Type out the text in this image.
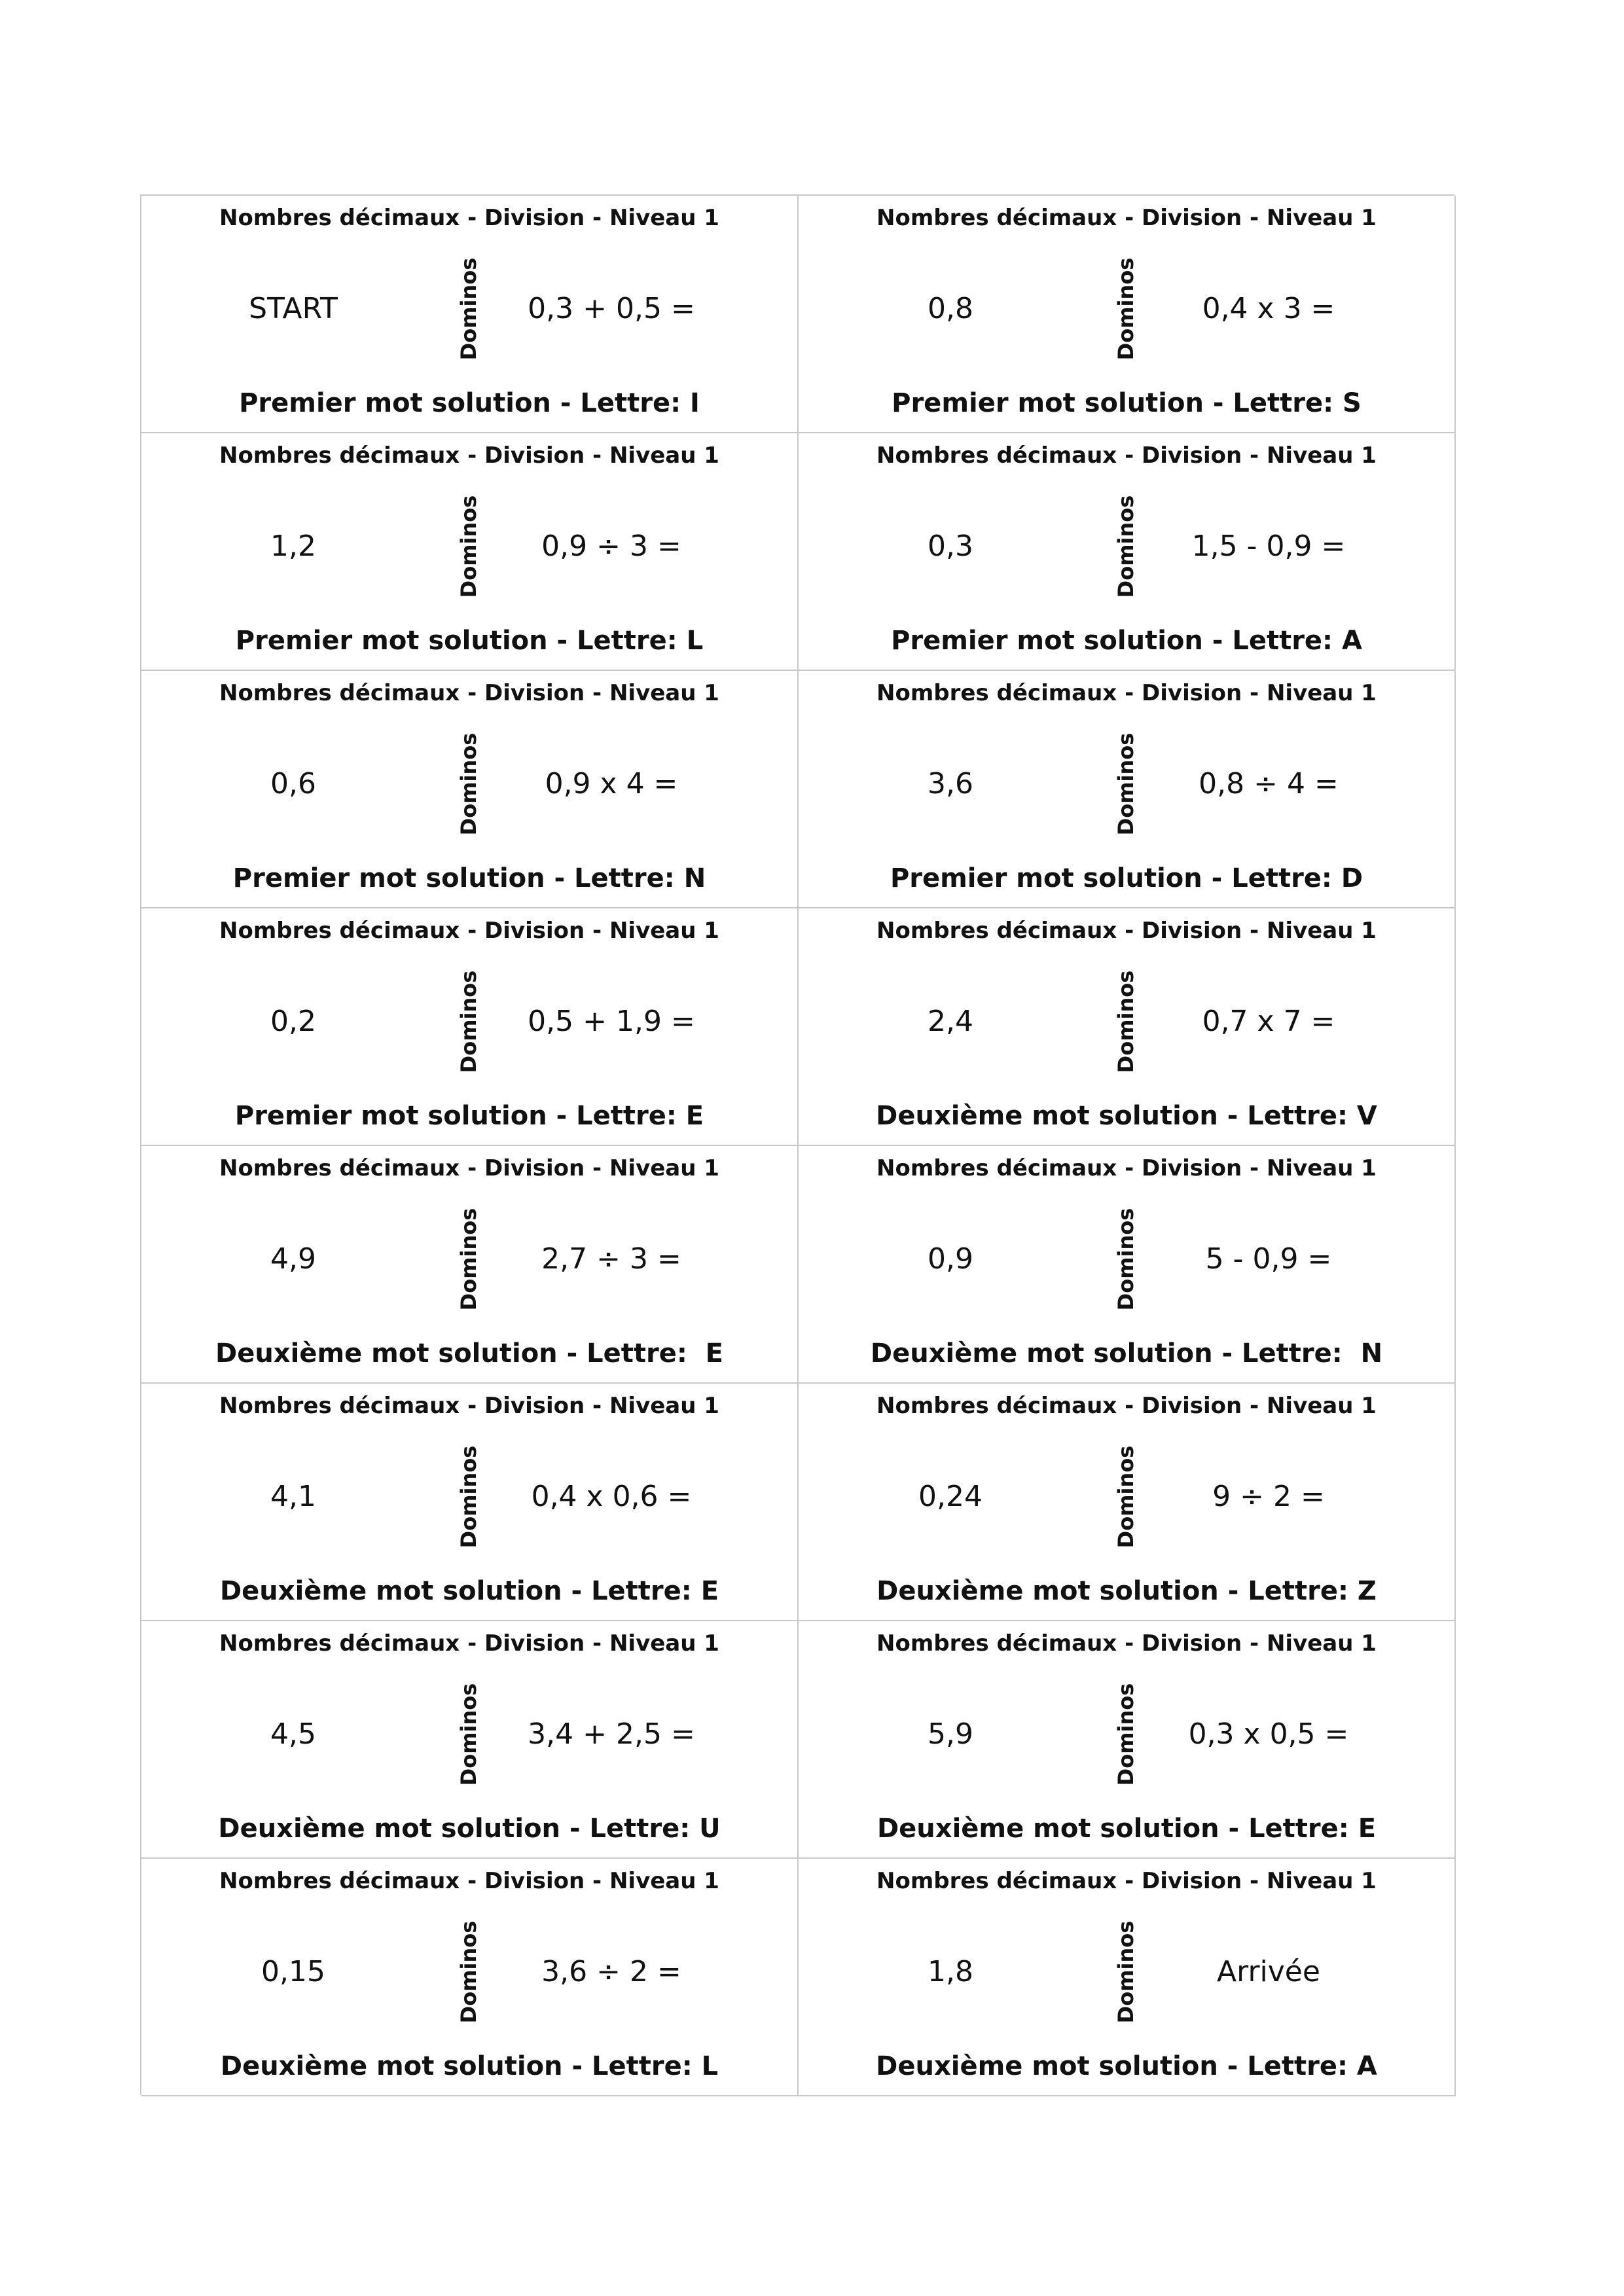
Nombres décimaux - Division - Niveau 1
START	Dominos	0,3 + 0,5 =
Premier mot solution - Lettre: I
Nombres décimaux - Division - Niveau 1
0,8	Dominos	0,4 x 3 =
Premier mot solution - Lettre: S
Nombres décimaux - Division - Niveau 1
1,2	Dominos	0,9 ÷ 3 =
Premier mot solution - Lettre: L
Nombres décimaux - Division - Niveau 1
0,3	Dominos	1,5 - 0,9 =
Premier mot solution - Lettre: A
Nombres décimaux - Division - Niveau 1
0,6	Dominos	0,9 x 4 =
Premier mot solution - Lettre: N
Nombres décimaux - Division - Niveau 1
3,6	Dominos	0,8 ÷ 4 =
Premier mot solution - Lettre: D
Nombres décimaux - Division - Niveau 1
0,2	Dominos	0,5 + 1,9 =
Premier mot solution - Lettre: E
Nombres décimaux - Division - Niveau 1
2,4	Dominos	0,7 x 7 =
Deuxième mot solution - Lettre: V
Nombres décimaux - Division - Niveau 1
4,9	Dominos	2,7 ÷ 3 =
Deuxième mot solution - Lettre:  E
Nombres décimaux - Division - Niveau 1
0,9	Dominos	5 - 0,9 =
Deuxième mot solution - Lettre:  N
Nombres décimaux - Division - Niveau 1
4,1	Dominos	0,4 x 0,6 =
Deuxième mot solution - Lettre: E
Nombres décimaux - Division - Niveau 1
0,24	Dominos	9 ÷ 2 =
Deuxième mot solution - Lettre: Z
Nombres décimaux - Division - Niveau 1
4,5	Dominos	3,4 + 2,5 =
Deuxième mot solution - Lettre: U
Nombres décimaux - Division - Niveau 1
5,9	Dominos	0,3 x 0,5 =
Deuxième mot solution - Lettre: E
Nombres décimaux - Division - Niveau 1
0,15	Dominos	3,6 ÷ 2 =
Deuxième mot solution - Lettre: L
Nombres décimaux - Division - Niveau 1
1,8	Dominos	Arrivée
Deuxième mot solution - Lettre: A
